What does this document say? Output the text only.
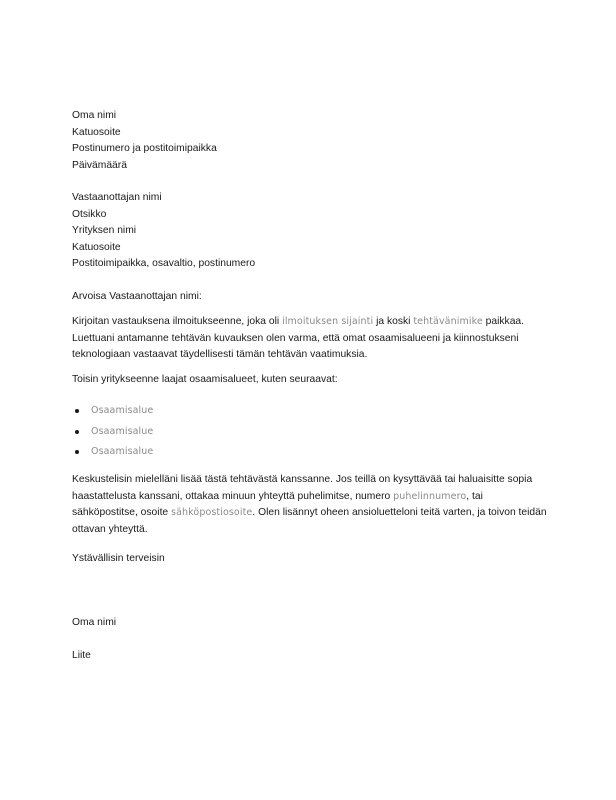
Oma nimi
Katuosoite
Postinumero ja postitoimipaikka
Päivämäärä
Vastaanottajan nimi
Otsikko
Yrityksen nimi
Katuosoite
Postitoimipaikka, osavaltio, postinumero
Arvoisa Vastaanottajan nimi:
Kirjoitan vastauksena ilmoitukseenne, joka oli ilmoituksen sijainti ja koski tehtävänimike paikkaa. Luettuani antamanne tehtävän kuvauksen olen varma, että omat osaamisalueeni ja kiinnostukseni teknologiaan vastaavat täydellisesti tämän tehtävän vaatimuksia.
Toisin yritykseenne laajat osaamisalueet, kuten seuraavat:
Osaamisalue
Osaamisalue
Osaamisalue
Keskustelisin mielelläni lisää tästä tehtävästä kanssanne. Jos teillä on kysyttävää tai haluaisitte sopia haastattelusta kanssani, ottakaa minuun yhteyttä puhelimitse, numero puhelinnumero, tai sähköpostitse, osoite sähköpostiosoite. Olen lisännyt oheen ansioluetteloni teitä varten, ja toivon teidän ottavan yhteyttä.
Ystävällisin terveisin
Oma nimi
Liite
